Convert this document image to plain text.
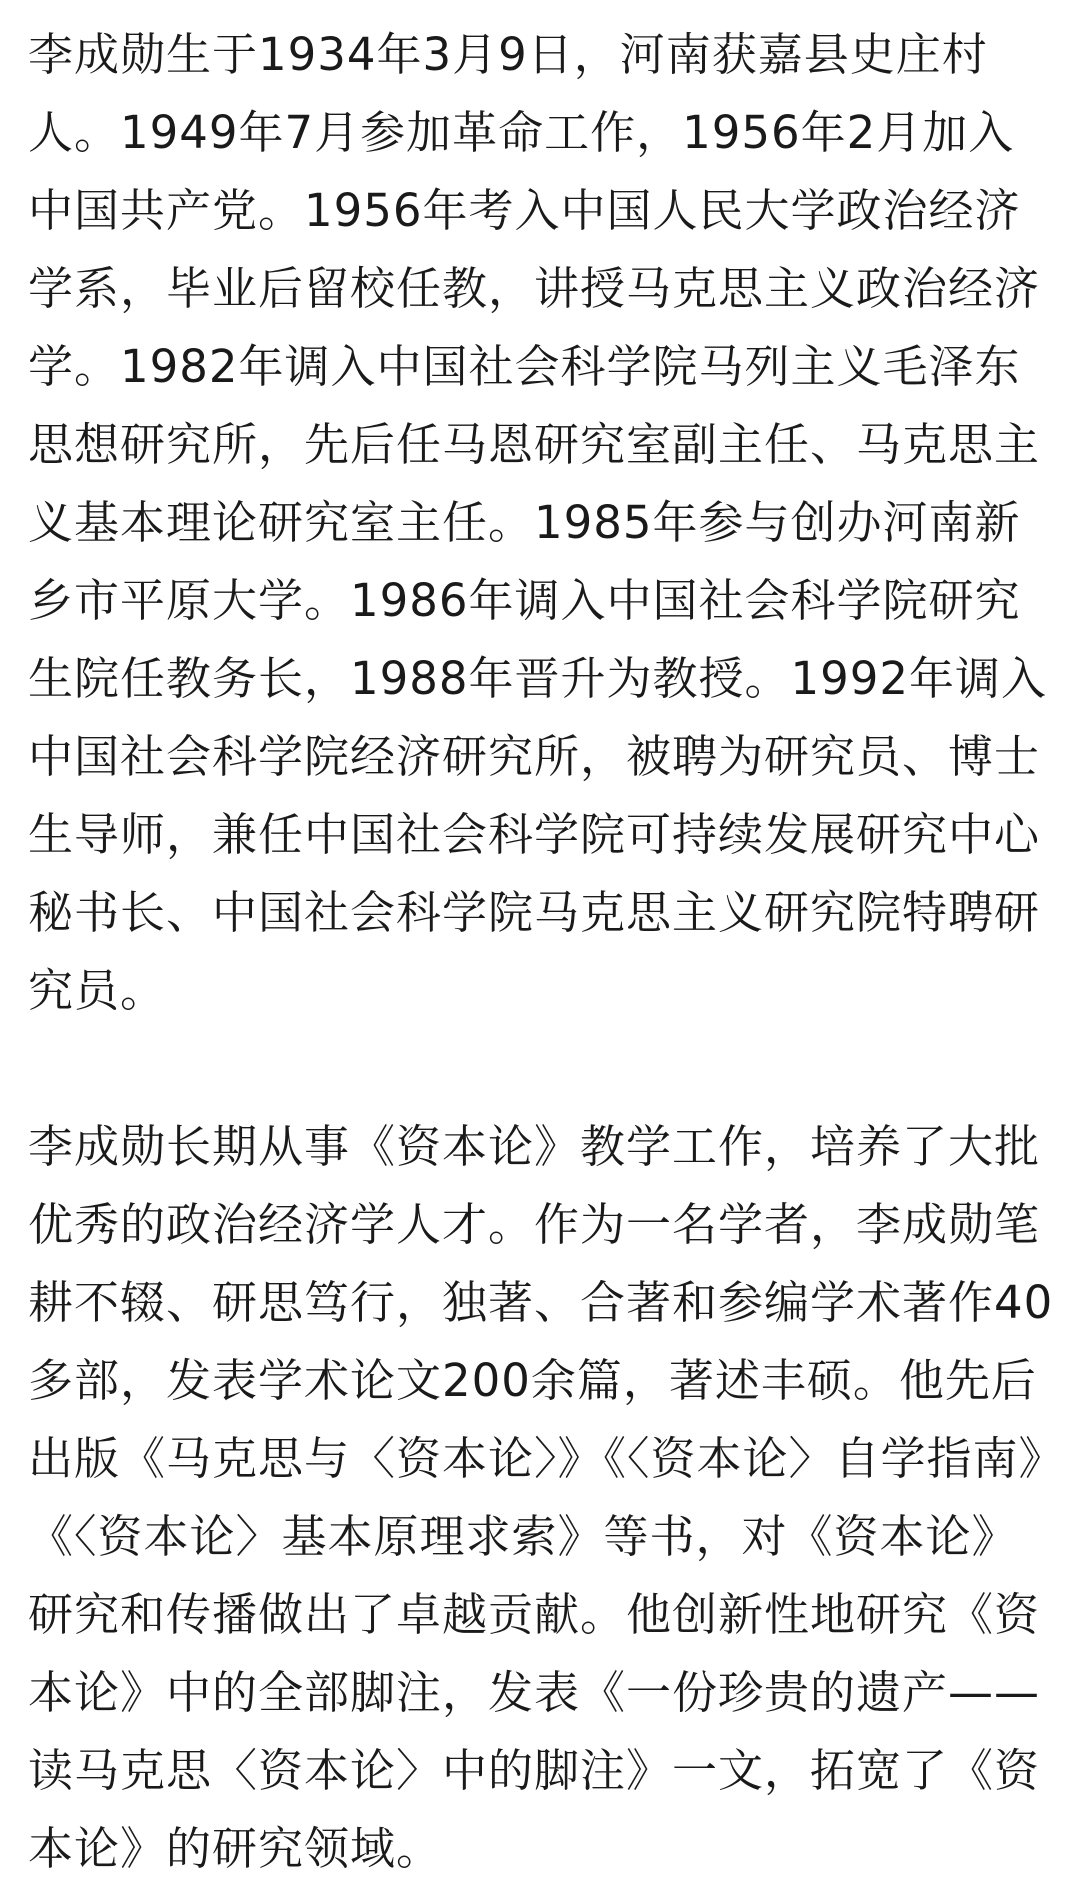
李成勋生于1934年3月9日，河南获嘉县史庄村人。1949年7月参加革命工作，1956年2月加入中国共产党。1956年考入中国人民大学政治经济学系，毕业后留校任教，讲授马克思主义政治经济学。1982年调入中国社会科学院马列主义毛泽东思想研究所，先后任马恩研究室副主任、马克思主义基本理论研究室主任。1985年参与创办河南新乡市平原大学。1986年调入中国社会科学院研究生院任教务长，1988年晋升为教授。1992年调入中国社会科学院经济研究所，被聘为研究员、博士生导师，兼任中国社会科学院可持续发展研究中心秘书长、中国社会科学院马克思主义研究院特聘研究员。

李成勋长期从事《资本论》教学工作，培养了大批优秀的政治经济学人才。作为一名学者，李成勋笔耕不辍、研思笃行，独著、合著和参编学术著作40多部，发表学术论文200余篇，著述丰硕。他先后出版《马克思与〈资本论〉》《〈资本论〉自学指南》《〈资本论〉基本原理求索》等书，对《资本论》研究和传播做出了卓越贡献。他创新性地研究《资本论》中的全部脚注，发表《一份珍贵的遗产——读马克思〈资本论〉中的脚注》一文，拓宽了《资本论》的研究领域。
